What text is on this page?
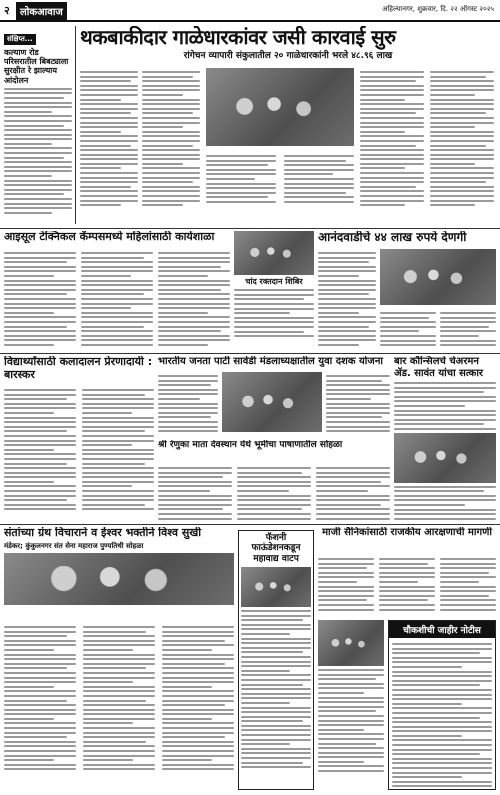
२	लोकआवाज	अहिल्यानगर, शुक्रवार, दि. २२ ऑगस्ट २०२५
संक्षिप्त...
कल्याण रोड परिसरातील बिबट्याला सुरक्षीत रे झाल्याय आंदोलन
थकबाकीदार गाळेधारकांवर जसी कारवाई सुरु
रांगेचन व्यापारी संकुलातील २० गाळेधारकांनी भरले ४८.९६ लाख
आइसूल टेक्निकल कॅम्पसमध्ये महिलांसाठी कार्यशाळा
चांद रक्तदान शिबिर
आनंदवाडीचे ४४ लाख रुपये देणगी
विद्यार्थ्यांसाठी कलादालन प्रेरणादायी : बारस्कर
भारतीय जनता पार्टी सावेडी मंडलाध्यक्षातील युवा दशक योजना	बार कौन्सिलचे चेअरमन ॲड. सावंत यांचा सत्कार
श्री रेणुका माता देवस्थान येथे भूमीचा पाषाणातील सोहळा
संतांच्या ग्रंथ विचाराने व ईश्वर भक्तीने विश्व सुखी
मंडेकर; कुंकुलनगर संत सेना महाराज पुण्यतिथी सोहळा
फॅशनी फाऊंडेशनकडून महावाद्य वाटप
माजी सैनिकांसाठी राजकीय आरक्षणाची मागणी
चौकशीची जाहीर नोटीस
